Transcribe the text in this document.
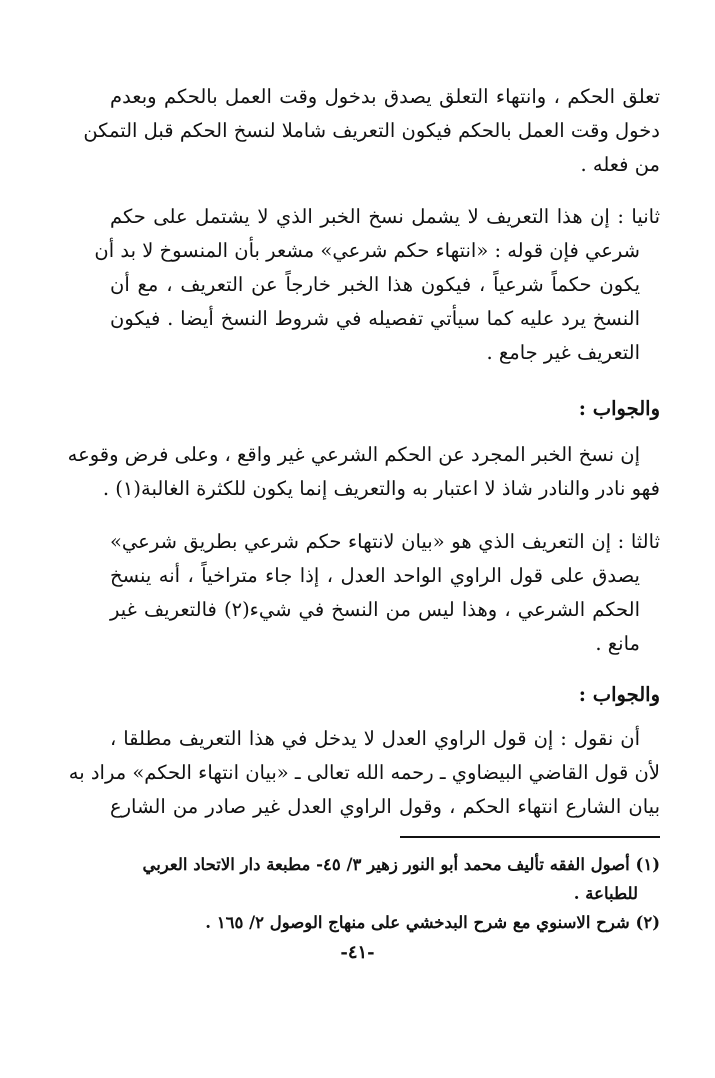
تعلق الحكم ، وانتهاء التعلق يصدق بدخول وقت العمل بالحكم وبعدم
دخول وقت العمل بالحكم فيكون التعريف شاملا لنسخ الحكم قبل التمكن
من فعله .
ثانيا : إن هذا التعريف لا يشمل نسخ الخبر الذي لا يشتمل على حكم
شرعي فإن قوله : «انتهاء حكم شرعي» مشعر بأن المنسوخ لا بد أن
يكون حكماً شرعياً ، فيكون هذا الخبر خارجاً عن التعريف ، مع أن
النسخ يرد عليه كما سيأتي تفصيله في شروط النسخ أيضا . فيكون
التعريف غير جامع .
والجواب :
إن نسخ الخبر المجرد عن الحكم الشرعي غير واقع ، وعلى فرض وقوعه
فهو نادر والنادر شاذ لا اعتبار به والتعريف إنما يكون للكثرة الغالبة(١) .
ثالثا : إن التعريف الذي هو «بيان لانتهاء حكم شرعي بطريق شرعي»
يصدق على قول الراوي الواحد العدل ، إذا جاء متراخياً ، أنه ينسخ
الحكم الشرعي ، وهذا ليس من النسخ في شيء(٢) فالتعريف غير
مانع .
والجواب :
أن نقول : إن قول الراوي العدل لا يدخل في هذا التعريف مطلقا ،
لأن قول القاضي البيضاوي ـ رحمه الله تعالى ـ «بيان انتهاء الحكم» مراد به
بيان الشارع انتهاء الحكم ، وقول الراوي العدل غير صادر من الشارع
(١) أصول الفقه تأليف محمد أبو النور زهير ٣/ ٤٥- مطبعة دار الاتحاد العربي
للطباعة .
(٢) شرح الاسنوي مع شرح البدخشي على منهاج الوصول ٢/ ١٦٥ .
-٤١-
